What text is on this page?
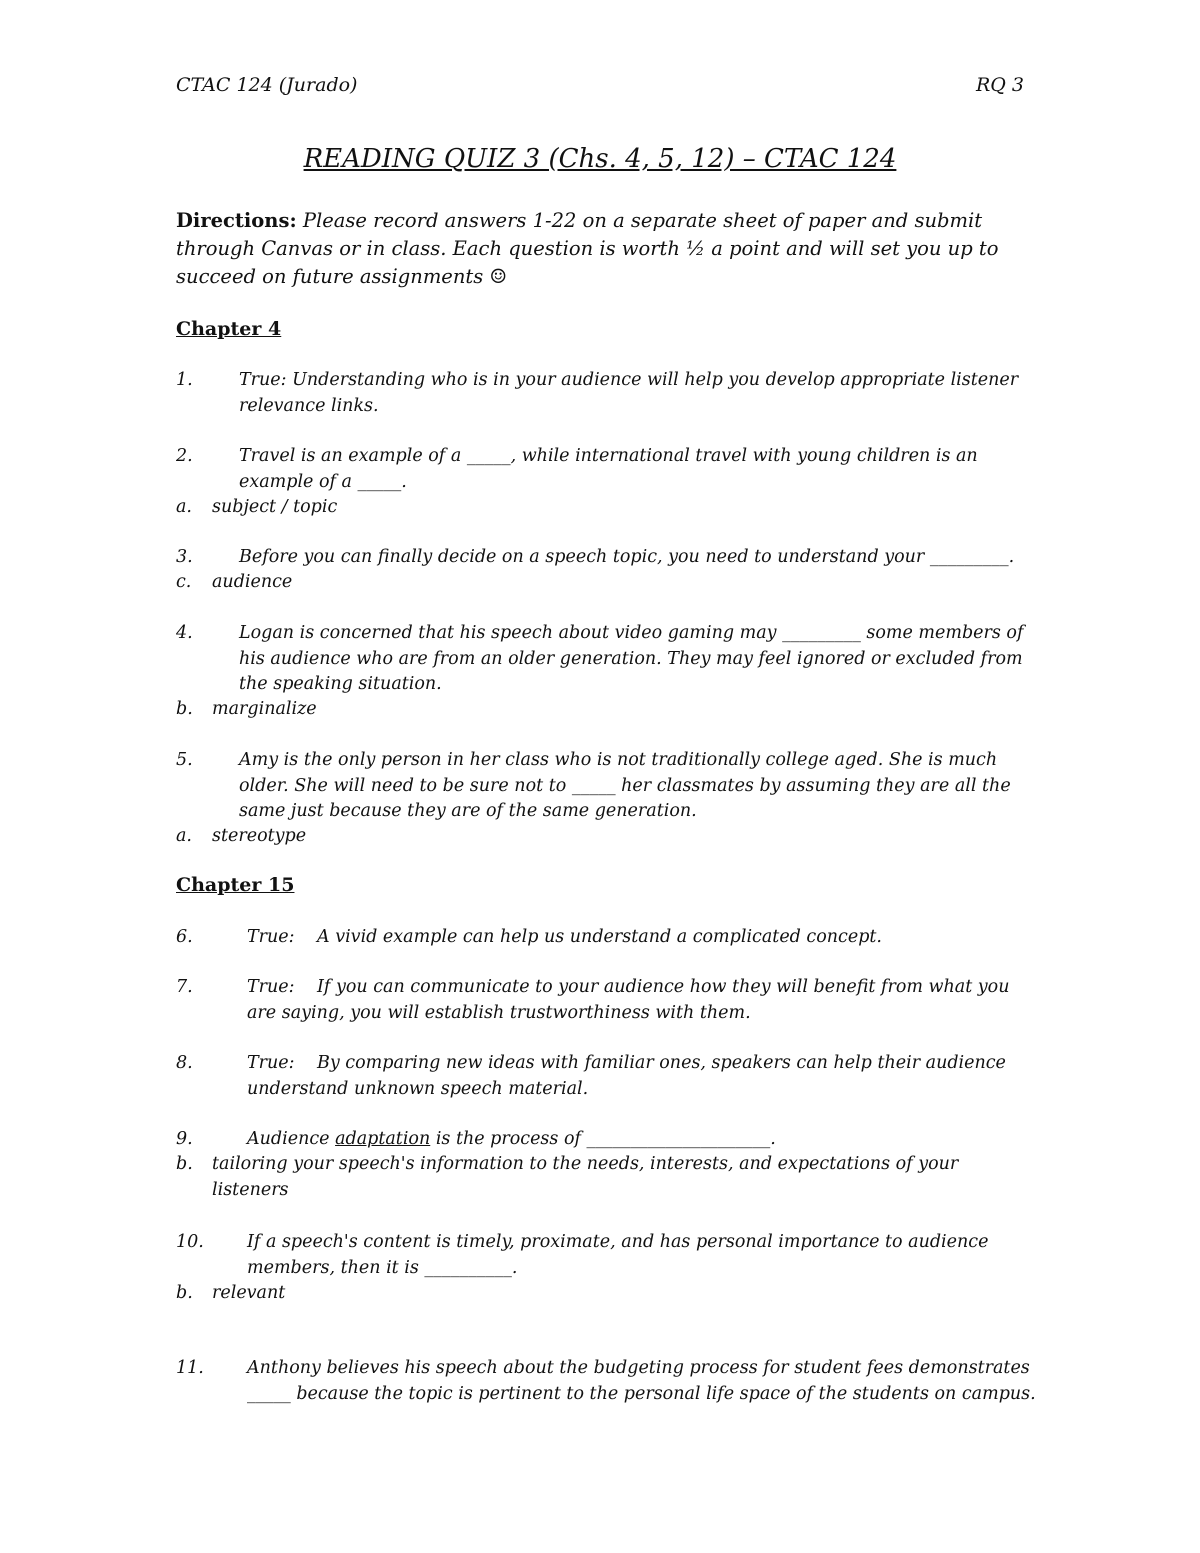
CTAC 124 (Jurado)	RQ 3
READING QUIZ 3 (Chs. 4, 5, 12) – CTAC 124
Directions: Please record answers 1-22 on a separate sheet of paper and submit through Canvas or in class. Each question is worth ½ a point and will set you up to succeed on future assignments ☺
Chapter 4
1.	True: Understanding who is in your audience will help you develop appropriate listener relevance links.
2.	Travel is an example of a _____, while international travel with young children is an example of a _____.
a. subject / topic
3.	Before you can finally decide on a speech topic, you need to understand your _________.
c. audience
4.	Logan is concerned that his speech about video gaming may _________ some members of his audience who are from an older generation. They may feel ignored or excluded from the speaking situation.
b. marginalize
5.	Amy is the only person in her class who is not traditionally college aged. She is much older. She will need to be sure not to _____ her classmates by assuming they are all the same just because they are of the same generation.
a. stereotype
Chapter 15
6.	True: A vivid example can help us understand a complicated concept.
7.	True: If you can communicate to your audience how they will benefit from what you are saying, you will establish trustworthiness with them.
8.	True: By comparing new ideas with familiar ones, speakers can help their audience understand unknown speech material.
9.	Audience adaptation is the process of _____________________.
b. tailoring your speech's information to the needs, interests, and expectations of your listeners
10. If a speech's content is timely, proximate, and has personal importance to audience members, then it is __________.
b. relevant
11. Anthony believes his speech about the budgeting process for student fees demonstrates _____ because the topic is pertinent to the personal life space of the students on campus.
